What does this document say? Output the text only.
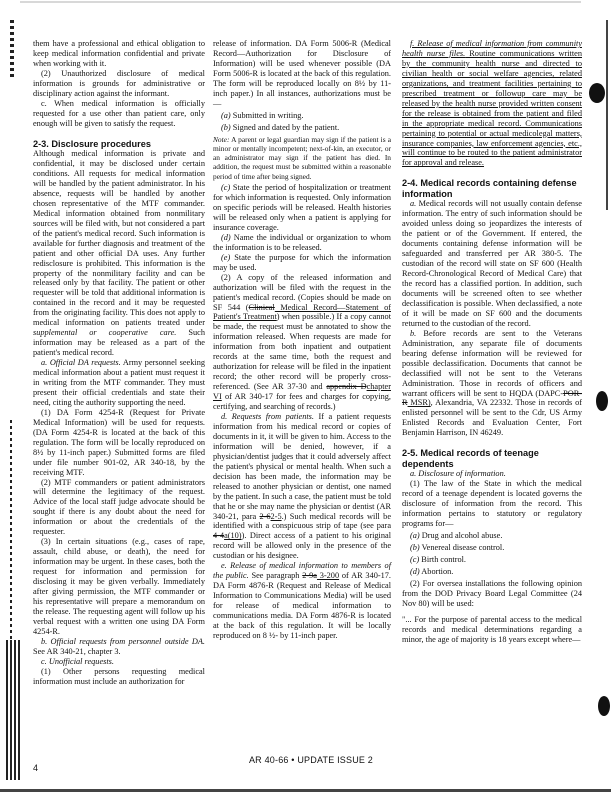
them have a professional and ethical obligation to keep medical information confidential and private when working with it.

(2) Unauthorized disclosure of medical information is grounds for administrative or disciplinary action against the informant.

c. When medical information is officially requested for a use other than patient care, only enough will be given to satisfy the request.

2-3. Disclosure procedures

Although medical information is private and confidential, it may be disclosed under certain conditions. All requests for medical information will be handled by the patient administrator. In his absence, requests will be handled by another chosen representative of the MTF commander. Medical information obtained from nonmilitary sources will be filed with, but not considered a part of the patient's medical record. Such information is available for further diagnosis and treatment of the patient and other official DA uses. Any further redisclosure is prohibited. This information is the property of the nonmilitary facility and can be released only by that facility. The patient or other requester will be told that additional information is contained in the record and it may be requested from the originating facility. This does not apply to medical information on patients treated under supplemental or cooperative care. Such information may be released as a part of the patient's medical record.

a. Official DA requests. Army personnel seeking medical information about a patient must request it in writing from the MTF commander. They must present their official credentials and state their need, citing the authority supporting the need.

(1) DA Form 4254-R (Request for Private Medical Information) will be used for requests. (DA Form 4254-R is located at the back of this regulation. The form will be locally reproduced on 8½ by 11-inch paper.) Submitted forms are filed under file number 901-02, AR 340-18, by the receiving MTF.

(2) MTF commanders or patient administrators will determine the legitimacy of the request. Advice of the local staff judge advocate should be sought if there is any doubt about the need for information or about the credentials of the requester.

(3) In certain situations (e.g., cases of rape, assault, child abuse, or death), the need for information may be urgent. In these cases, both the request for information and permission for disclosing it may be given verbally. Immediately after giving permission, the MTF commander or his representative will prepare a memorandum on the release. The requesting agent will follow up his verbal request with a written one using DA Form 4254-R.

b. Official requests from personnel outside DA. See AR 340-21, chapter 3.

c. Unofficial requests.

(1) Other persons requesting medical information must include an authorization for

release of information. DA Form 5006-R (Medical Record—Authorization for Disclosure of Information) will be used whenever possible (DA Form 5006-R is located at the back of this regulation. The form will be reproduced locally on 8½ by 11-inch paper.) In all instances, authorizations must be—

(a) Submitted in writing.

(b) Signed and dated by the patient.

Note: A parent or legal guardian may sign if the patient is a minor or mentally incompetent; next-of-kin, an executor, or an administrator may sign if the patient has died. In addition, the request must be submitted within a reasonable period of time after being signed.

(c) State the period of hospitalization or treatment for which information is requested. Only information on specific periods will be released. Health histories will be released only when a patient is applying for insurance coverage.

(d) Name the individual or organization to whom the information is to be released.

(e) State the purpose for which the information may be used.

(2) A copy of the released information and authorization will be filed with the request in the patient's medical record. (Copies should be made on SF 544 (Clinical Medical Record—Statement of Patient's Treatment) when possible.) If a copy cannot be made, the request must be annotated to show the information released. When requests are made for information from both inpatient and outpatient records at the same time, both the request and authorization for release will be filed in the inpatient record; the other record will be properly cross-referenced. (See AR 37-30 and appendix Dchapter VI of AR 340-17 for fees and charges for copying, certifying, and searching of records.)

d. Requests from patients. If a patient requests information from his medical record or copies of documents in it, it will be given to him. Access to the information will be denied, however, if a physician/dentist judges that it could adversely affect the patient's physical or mental health. When such a decision has been made, the information may be released to another physician or dentist, one named by the patient. In such a case, the patient must be told that he or she may name the physician or dentist (AR 340-21, para 2-62-5.) Such medical records will be identified with a conspicuous strip of tape (see para 4-4a(10)). Direct access of a patient to his original record will be allowed only in the presence of the custodian or his designee.

e. Release of medical information to members of the public. See paragraph 2-9a 3-200 of AR 340-17. DA Form 4876-R (Request and Release of Medical Information to Communications Media) will be used for release of medical information to communications media. DA Form 4876-R is located at the back of this regulation. It will be locally reproduced on 8 ½- by 11-inch paper.

f. Release of medical information from community health nurse files. Routine communications written by the community health nurse and directed to civilian health or social welfare agencies, related organizations, and treatment facilities pertaining to prescribed treatment or followup care may be released by the health nurse provided written consent for the release is obtained from the patient and filed in the appropriate medical record. Communications pertaining to potential or actual medicolegal matters, insurance companies, law enforcement agencies, etc., will continue to be routed to the patient administrator for approval and release.

2-4. Medical records containing defense information

a. Medical records will not usually contain defense information. The entry of such information should be avoided unless doing so jeopardizes the interests of the patient or of the Government. If entered, the documents containing defense information will be safeguarded and transferred per AR 380-5. The custodian of the record will state on SF 600 (Health Record-Chronological Record of Medical Care) that the record has a classified portion. In addition, such documents will be screened often to see whether declassification is possible. When declassified, a note of it will be made on SF 600 and the documents returned to the custodian of the record.

b. Before records are sent to the Veterans Administration, any separate file of documents bearing defense information will be reviewed for possible declassification. Documents that cannot be declassified will not be sent to the Veterans Administration. Those in records of officers and warrant officers will be sent to HQDA (DAPC-POR-R MSR), Alexandria, VA 22332. Those in records of enlisted personnel will be sent to the Cdr, US Army Enlisted Records and Evaluation Center, Fort Benjamin Harrison, IN 46249.

2-5. Medical records of teenage dependents

a. Disclosure of information.

(1) The law of the State in which the medical record of a teenage dependent is located governs the disclosure of information from the record. This information pertains to statutory or regulatory programs for—

(a) Drug and alcohol abuse.

(b) Venereal disease control.

(c) Birth control.

(d) Abortion.

(2) For oversea installations the following opinion from the DOD Privacy Board Legal Committee (24 Nov 80) will be used:

"... For the purpose of parental access to the medical records and medical determinations regarding a minor, the age of majority is 18 years except where—

4
AR 40-66 • UPDATE ISSUE 2
